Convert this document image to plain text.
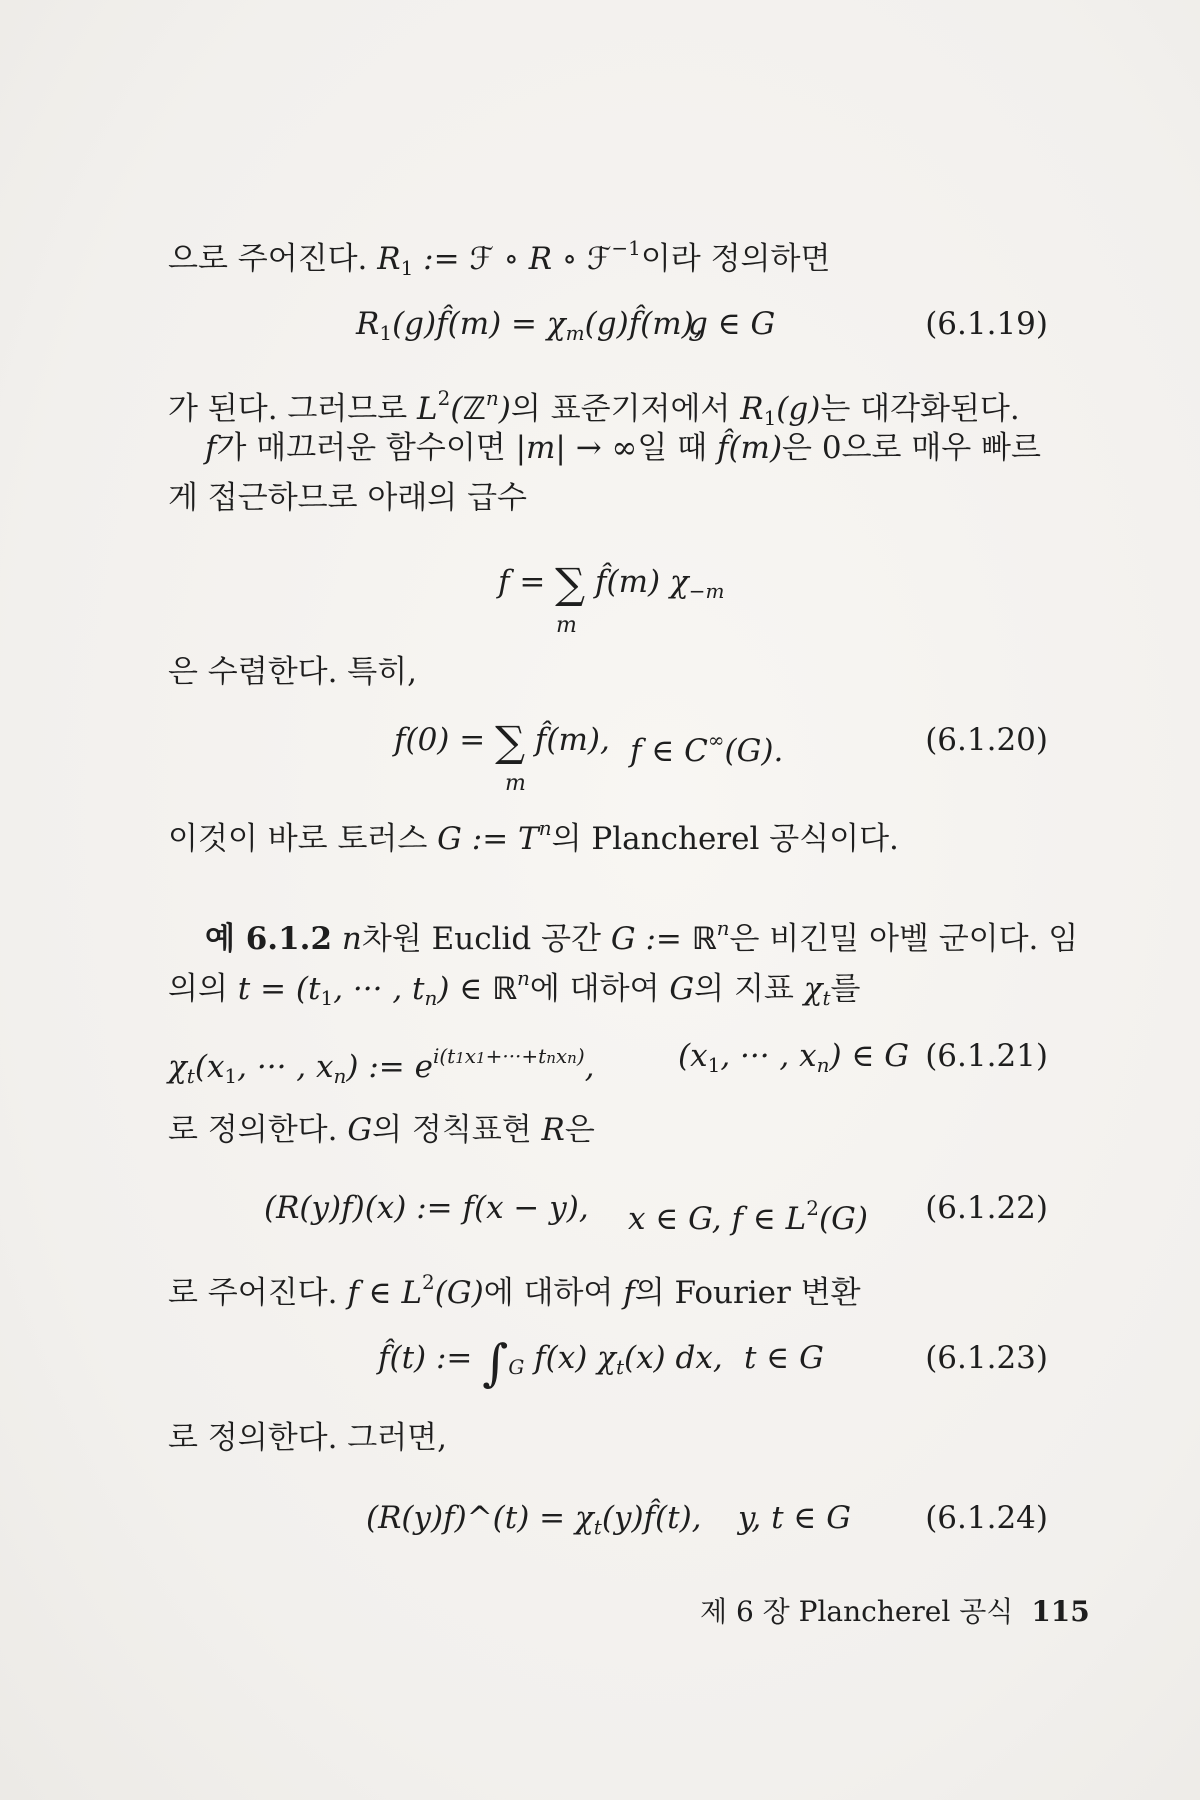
으로 주어진다. $R_1$ := ℱ ∘ R ∘ ℱ$^{-1}$이라 정의하면
$R_1(g)f̂(m)$ = $\chi_m(g)f̂(m)$,
g ∈ G	(6.1.19)
가 된다. 그러므로 $L^2(ℤ^n)$의 표준기저에서 $R_1(g)$는 대각화된다.
f가 매끄러운 함수이면 |m| → ∞일 때 f̂(m)은 0으로 매우 빠르
게 접근하므로 아래의 급수
f = ∑ f̂(m) $\chi_{-m}$
m
은 수렴한다. 특히,
f(0) = ∑ f̂(m),
m
f ∈ C∞(G).	(6.1.20)
이것이 바로 토러스 G := $T^n$의 Plancherel 공식이다.
예 6.1.2 n차원 Euclid 공간 G := ℝ$^n$은 비긴밀 아벨 군이다. 임
의의 $t = (t_1$, ··· , $t_n$) ∈ ℝ$^n$에 대하여 G의 지표 $\chi_t$를
$\chi_t(x_1$, ··· , $x_n$) := $e^{i(t1x1+\cdot\cdot\cdot+tnxn)}$,	($x_1$, ··· , $x_n$) ∈ G (6.1.21)
로 정의한다. G의 정칙표현 R은
(R(y)f)(x) := f(x − y), x ∈ G, f ∈ $L^2(G)$ (6.1.22)
로 주어진다. f ∈ $L^2(G)$에 대하여 f의 Fourier 변환
f̂(t) := $\int_G$ f(x) $\chi_t(x)$ dx, t ∈ G	(6.1.23)
로 정의한다. 그러면,
(R(y)f)^(t) = $\chi_t(y)f̂(t)$, y, t ∈ G (6.1.24)
제 6 장 Plancherel 공식 115
